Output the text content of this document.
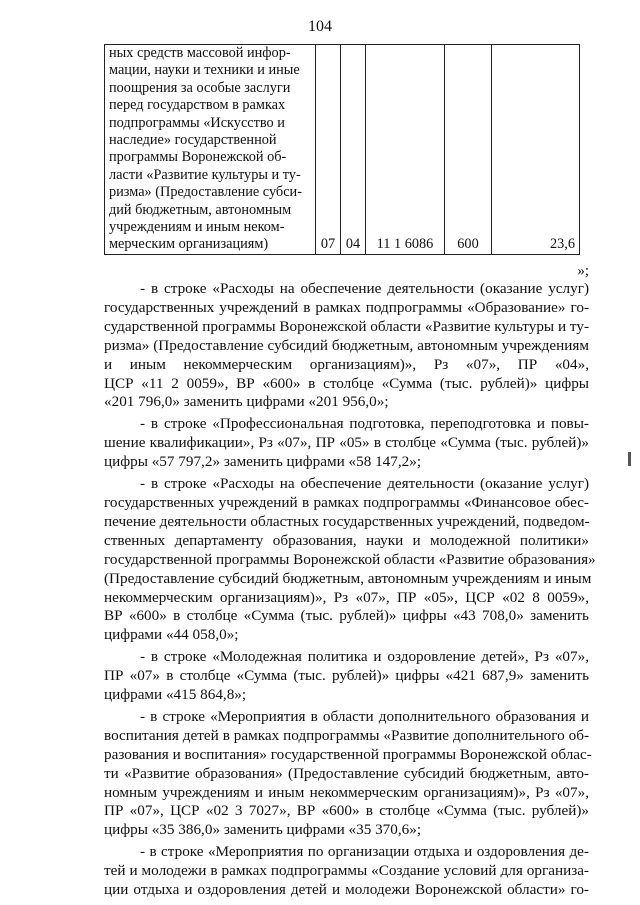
104
ных средств массовой инфор-
мации, науки и техники и иные
поощрения за особые заслуги
перед государством в рамках
подпрограммы «Искусство и
наследие» государственной
программы Воронежской об-
ласти «Развитие культуры и ту-
ризма» (Предоставление субси-
дий бюджетным, автономным
учреждениям и иным неком-
мерческим организациям)	07	04	11 1 6086	600	23,6
»;

- в строке «Расходы на обеспечение деятельности (оказание услуг)
государственных учреждений в рамках подпрограммы «Образование» го-
сударственной программы Воронежской области «Развитие культуры и ту-
ризма» (Предоставление субсидий бюджетным, автономным учреждениям
и иным некоммерческим организациям)», Рз «07», ПР «04»,
ЦСР «11 2 0059», ВР «600» в столбце «Сумма (тыс. рублей)» цифры
«201 796,0» заменить цифрами «201 956,0»;

- в строке «Профессиональная подготовка, переподготовка и повы-
шение квалификации», Рз «07», ПР «05» в столбце «Сумма (тыс. рублей)»
цифры «57 797,2» заменить цифрами «58 147,2»;

- в строке «Расходы на обеспечение деятельности (оказание услуг)
государственных учреждений в рамках подпрограммы «Финансовое обес-
печение деятельности областных государственных учреждений, подведом-
ственных департаменту образования, науки и молодежной политики»
государственной программы Воронежской области «Развитие образования»
(Предоставление субсидий бюджетным, автономным учреждениям и иным
некоммерческим организациям)», Рз «07», ПР «05», ЦСР «02 8 0059»,
ВР «600» в столбце «Сумма (тыс. рублей)» цифры «43 708,0» заменить
цифрами «44 058,0»;

- в строке «Молодежная политика и оздоровление детей», Рз «07»,
ПР «07» в столбце «Сумма (тыс. рублей)» цифры «421 687,9» заменить
цифрами «415 864,8»;

- в строке «Мероприятия в области дополнительного образования и
воспитания детей в рамках подпрограммы «Развитие дополнительного об-
разования и воспитания» государственной программы Воронежской облас-
ти «Развитие образования» (Предоставление субсидий бюджетным, авто-
номным учреждениям и иным некоммерческим организациям)», Рз «07»,
ПР «07», ЦСР «02 3 7027», ВР «600» в столбце «Сумма (тыс. рублей)»
цифры «35 386,0» заменить цифрами «35 370,6»;

- в строке «Мероприятия по организации отдыха и оздоровления де-
тей и молодежи в рамках подпрограммы «Создание условий для организа-
ции отдыха и оздоровления детей и молодежи Воронежской области» го-
